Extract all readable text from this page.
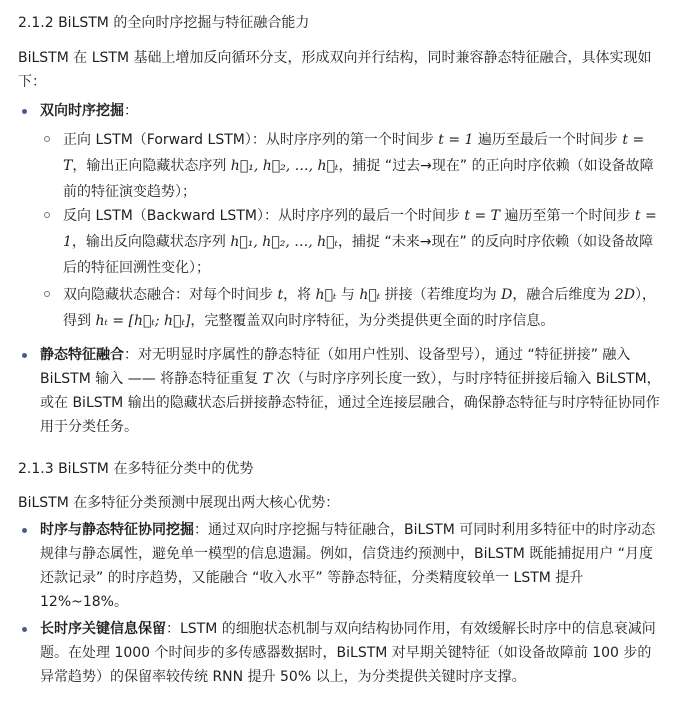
2.1.2 BiLSTM 的全向时序挖掘与特征融合能力

BiLSTM 在 LSTM 基础上增加反向循环分支，形成双向并行结构，同时兼容静态特征融合，具体实现如下：

双向时序挖掘：
正向 LSTM（Forward LSTM）：从时序序列的第一个时间步 t = 1 遍历至最后一个时间步 t = T，输出正向隐藏状态序列 h⃗₁, h⃗₂, …, h⃗ₜ，捕捉 “过去→现在” 的正向时序依赖（如设备故障前的特征演变趋势）；
反向 LSTM（Backward LSTM）：从时序序列的最后一个时间步 t = T 遍历至第一个时间步 t = 1，输出反向隐藏状态序列 h⃖₁, h⃖₂, …, h⃖ₜ，捕捉 “未来→现在” 的反向时序依赖（如设备故障后的特征回溯性变化）；
双向隐藏状态融合：对每个时间步 t，将 h⃗ₜ 与 h⃖ₜ 拼接（若维度均为 D，融合后维度为 2D），得到 hₜ = [h⃗ₜ; h⃖ₜ]，完整覆盖双向时序特征，为分类提供更全面的时序信息。
静态特征融合：对无明显时序属性的静态特征（如用户性别、设备型号），通过 “特征拼接” 融入 BiLSTM 输入 —— 将静态特征重复 T 次（与时序序列长度一致），与时序特征拼接后输入 BiLSTM，或在 BiLSTM 输出的隐藏状态后拼接静态特征，通过全连接层融合，确保静态特征与时序特征协同作用于分类任务。
2.1.3 BiLSTM 在多特征分类中的优势

BiLSTM 在多特征分类预测中展现出两大核心优势：

时序与静态特征协同挖掘：通过双向时序挖掘与特征融合，BiLSTM 可同时利用多特征中的时序动态规律与静态属性，避免单一模型的信息遗漏。例如，信贷违约预测中，BiLSTM 既能捕捉用户 “月度还款记录” 的时序趋势，又能融合 “收入水平” 等静态特征，分类精度较单一 LSTM 提升 12%~18%。
长时序关键信息保留：LSTM 的细胞状态机制与双向结构协同作用，有效缓解长时序中的信息衰减问题。在处理 1000 个时间步的多传感器数据时，BiLSTM 对早期关键特征（如设备故障前 100 步的异常趋势）的保留率较传统 RNN 提升 50% 以上，为分类提供关键时序支撑。
